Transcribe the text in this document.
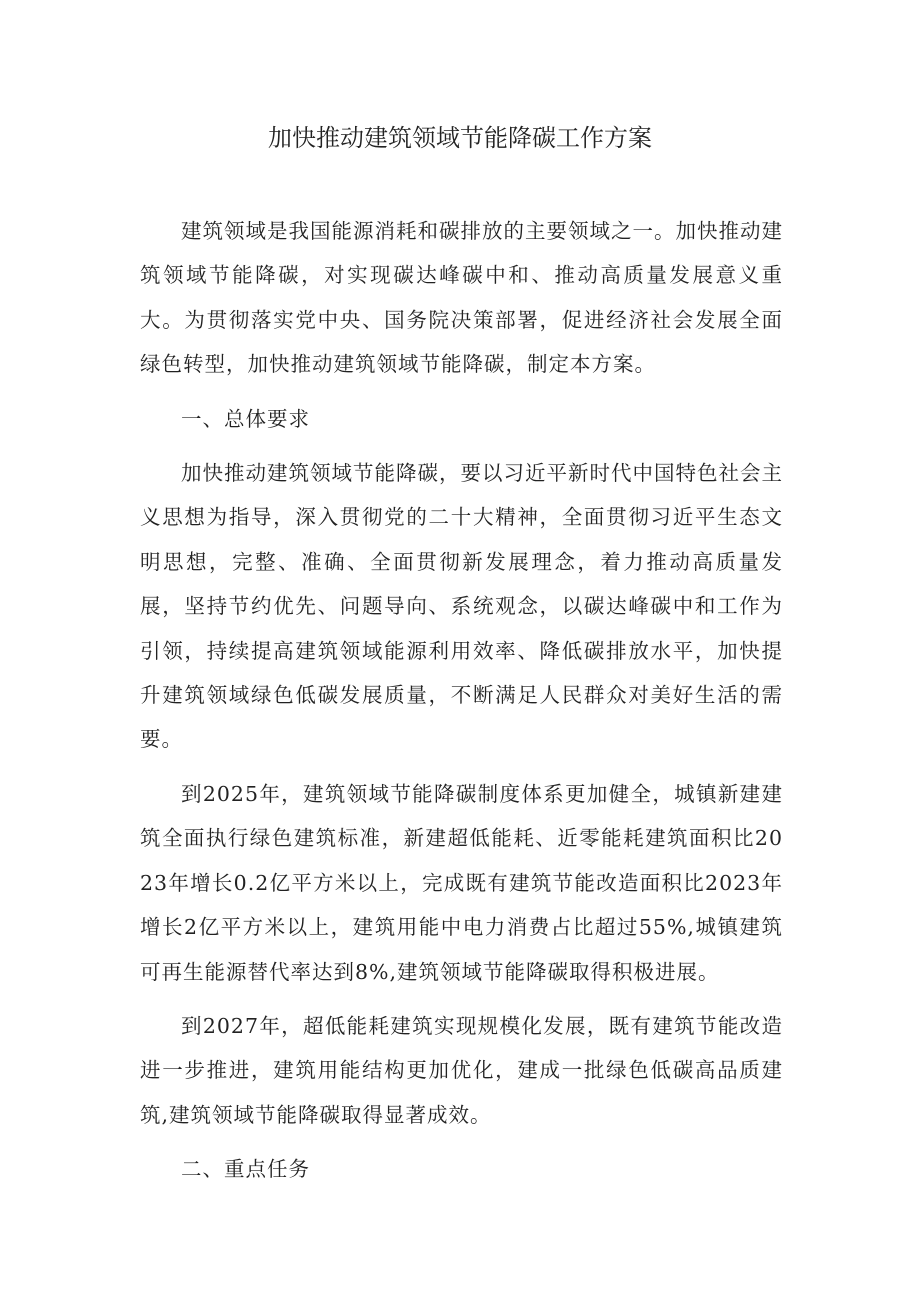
加快推动建筑领域节能降碳工作方案

建筑领域是我国能源消耗和碳排放的主要领域之一。加快推动建筑领域节能降碳，对实现碳达峰碳中和、推动高质量发展意义重大。为贯彻落实党中央、国务院决策部署，促进经济社会发展全面绿色转型，加快推动建筑领域节能降碳，制定本方案。

一、总体要求

加快推动建筑领域节能降碳，要以习近平新时代中国特色社会主义思想为指导，深入贯彻党的二十大精神，全面贯彻习近平生态文明思想，完整、准确、全面贯彻新发展理念，着力推动高质量发展，坚持节约优先、问题导向、系统观念，以碳达峰碳中和工作为引领，持续提高建筑领域能源利用效率、降低碳排放水平，加快提升建筑领域绿色低碳发展质量，不断满足人民群众对美好生活的需要。

到2025年，建筑领域节能降碳制度体系更加健全，城镇新建建筑全面执行绿色建筑标准，新建超低能耗、近零能耗建筑面积比2023年增长0.2亿平方米以上，完成既有建筑节能改造面积比2023年增长2亿平方米以上，建筑用能中电力消费占比超过55%,城镇建筑可再生能源替代率达到8%,建筑领域节能降碳取得积极进展。

到2027年，超低能耗建筑实现规模化发展，既有建筑节能改造进一步推进，建筑用能结构更加优化，建成一批绿色低碳高品质建筑,建筑领域节能降碳取得显著成效。

二、重点任务
